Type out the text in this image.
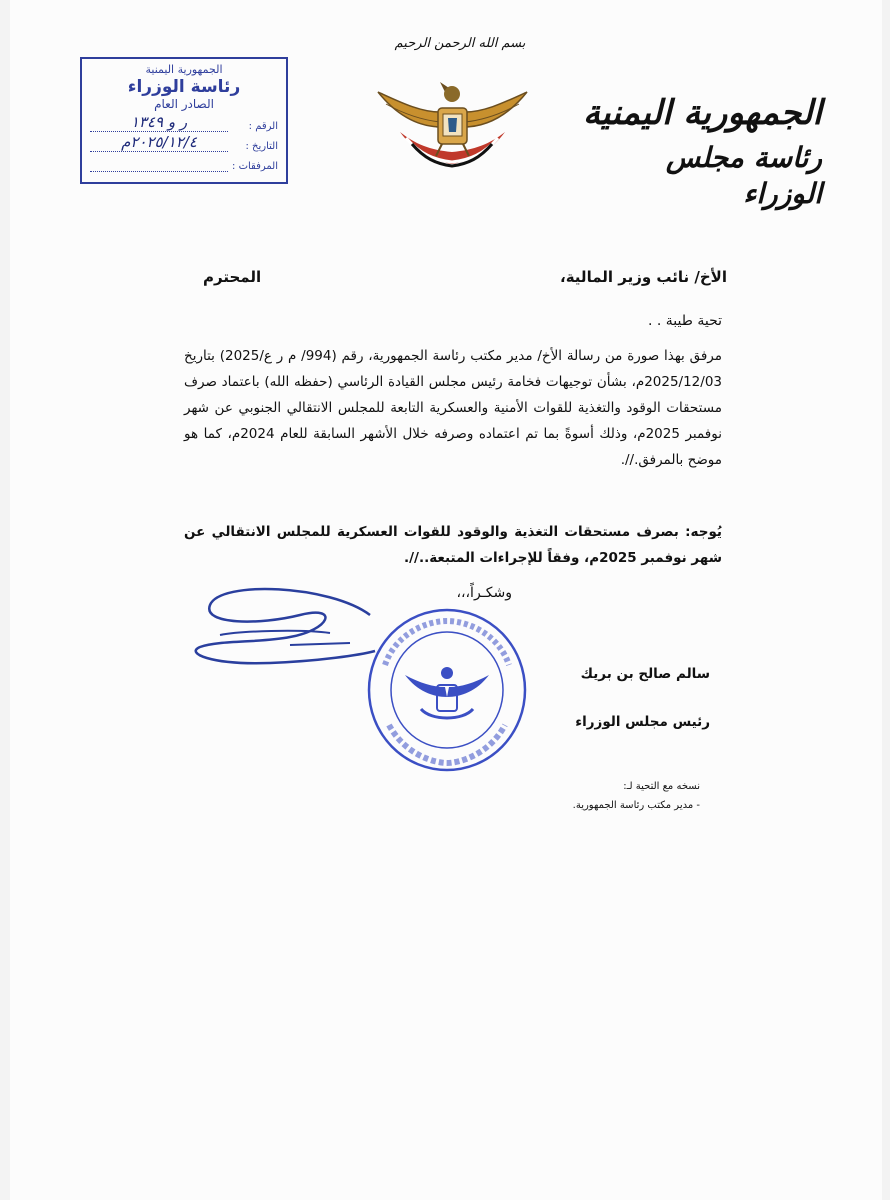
بسم الله الرحمن الرحيم
الجمهورية اليمنية
رئاسة مجلس الوزراء
الجمهورية اليمنية
رئاسة الوزراء
الصادر العام
الرقم :
ر و ١٣٤٩
التاريخ :
٢٠٢٥/١٢/٤م
المرفقات :
الأخ/ نائب وزير المالية،
المحترم
تحية طيبة . .
مرفق بهذا صورة من رسالة الأخ/ مدير مكتب رئاسة الجمهورية، رقم (994/ م ر ع/2025) بتاريخ 2025/12/03م، بشأن توجيهات فخامة رئيس مجلس القيادة الرئاسي (حفظه الله) باعتماد صرف مستحقات الوقود والتغذية للقوات الأمنية والعسكرية التابعة للمجلس الانتقالي الجنوبي عن شهر نوفمبر 2025م، وذلك أسوةً بما تم اعتماده وصرفه خلال الأشهر السابقة للعام 2024م، كما هو موضح بالمرفق.//.
يُوجه: بصرف مستحقات التغذية والوقود للقوات العسكرية للمجلس الانتقالي عن شهر نوفمبر 2025م، وفقاً للإجراءات المتبعة..//.
وشكـراً،،،
سالم صالح بن بريك
رئيس مجلس الوزراء
نسخه مع التحية لـ:
- مدير مكتب رئاسة الجمهورية.
